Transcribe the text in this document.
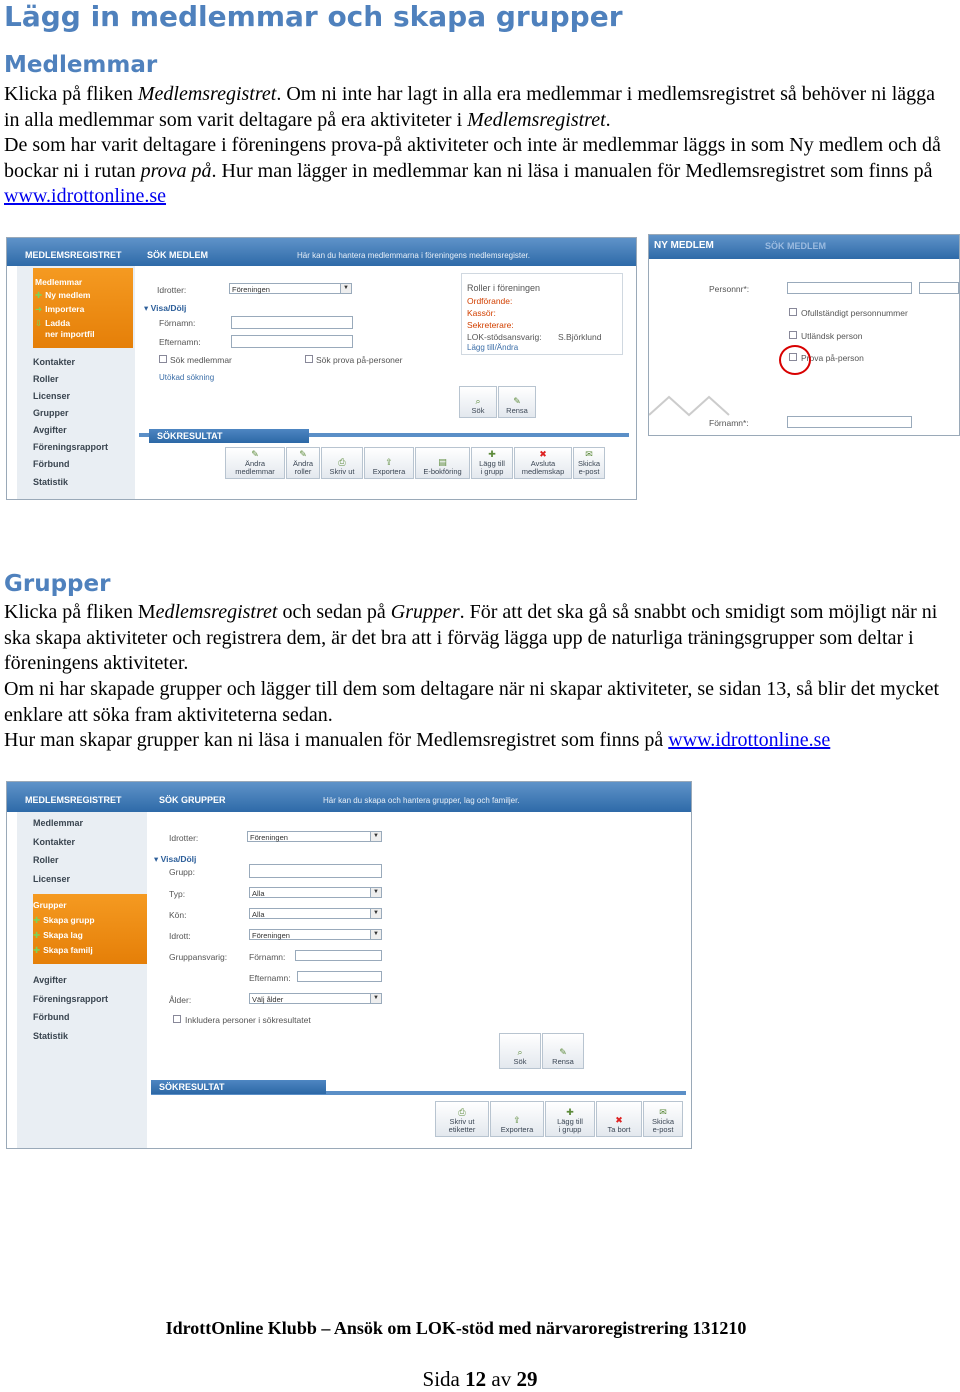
Lägg in medlemmar och skapa grupper
Medlemmar

Klicka på fliken Medlemsregistret. Om ni inte har lagt in alla era medlemmar i medlemsregistret så behöver ni lägga in alla medlemmar som varit deltagare på era aktiviteter i Medlemsregistret.

De som har varit deltagare i föreningens prova-på aktiviteter och inte är medlemmar läggs in som Ny medlem och då bockar ni i rutan prova på. Hur man lägger in medlemmar kan ni läsa i manualen för Medlemsregistret som finns på www.idrottonline.se

MEDLEMSREGISTRET	SÖK MEDLEM	Här kan du hantera medlemmarna i föreningens medlemsregister.
Medlemmar
✚ Ny medlem
➜ Importera
⇩ Ladda
ner importfil
Kontakter
Roller
Licenser
Grupper
Avgifter
Föreningsrapport
Förbund
Statistik
Idrotter:	Föreningen	▼
▾ Visa/Dölj
Förnamn:
Efternamn:
Sök medlemmar	Sök prova på-personer
Utökad sökning
Roller i föreningen
Ordförande:
Kassör:
Sekreterare:
LOK-stödsansvarig: S.Björklund
Lägg till/Ändra
⌕
Sök
✎
Rensa
SÖKRESULTAT
✎
Ändra
medlemmar
✎
Ändra
roller
⎙
Skriv ut
⇪
Exportera
▤
E-bokföring
✚
Lägg till
i grupp
✖
Avsluta
medlemskap
✉
Skicka
e-post
NY MEDLEM	SÖK MEDLEM
Personnr*:
Ofullständigt personnummer
Utländsk person
Prova på-person
Förnamn*:
Grupper

Klicka på fliken Medlemsregistret och sedan på Grupper. För att det ska gå så snabbt och smidigt som möjligt när ni ska skapa aktiviteter och registrera dem, är det bra att i förväg lägga upp de naturliga träningsgrupper som deltar i föreningens aktiviteter.

Om ni har skapade grupper och lägger till dem som deltagare när ni skapar aktiviteter, se sidan 13, så blir det mycket enklare att söka fram aktiviteterna sedan.

Hur man skapar grupper kan ni läsa i manualen för Medlemsregistret som finns på www.idrottonline.se

MEDLEMSREGISTRET	SÖK GRUPPER	Här kan du skapa och hantera grupper, lag och familjer.
Medlemmar
Kontakter
Roller
Licenser
Grupper
✚ Skapa grupp
✚ Skapa lag
✚ Skapa familj
Avgifter
Föreningsrapport
Förbund
Statistik
Idrotter:	Föreningen	▼
▾ Visa/Dölj
Grupp:
Typ:	Alla	▼
Kön:	Alla	▼
Idrott:	Föreningen	▼
Gruppansvarig:	Förnamn:
Efternamn:
Ålder:	Välj ålder	▼
Inkludera personer i sökresultatet
⌕
Sök
✎
Rensa
SÖKRESULTAT
⎙
Skriv ut
etiketter
⇪
Exportera
✚
Lägg till
i grupp
✖
Ta bort
✉
Skicka
e-post
IdrottOnline Klubb – Ansök om LOK-stöd med närvaroregistrering 131210
Sida 12 av 29
